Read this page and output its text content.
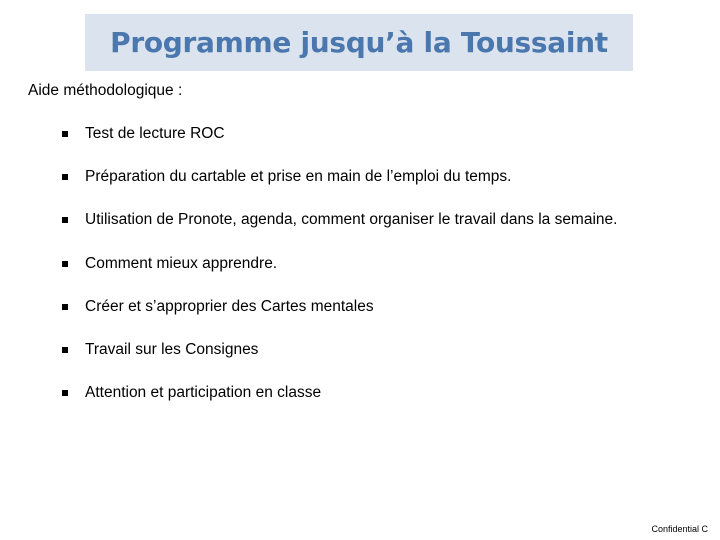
Programme jusqu’à la Toussaint
Aide méthodologique :
Test de lecture ROC
Préparation du cartable et prise en main de l’emploi du temps.
Utilisation de Pronote, agenda, comment organiser le travail dans la semaine.
Comment mieux apprendre.
Créer et s’approprier des Cartes mentales
Travail sur les Consignes
Attention et participation en classe
Confidential C
